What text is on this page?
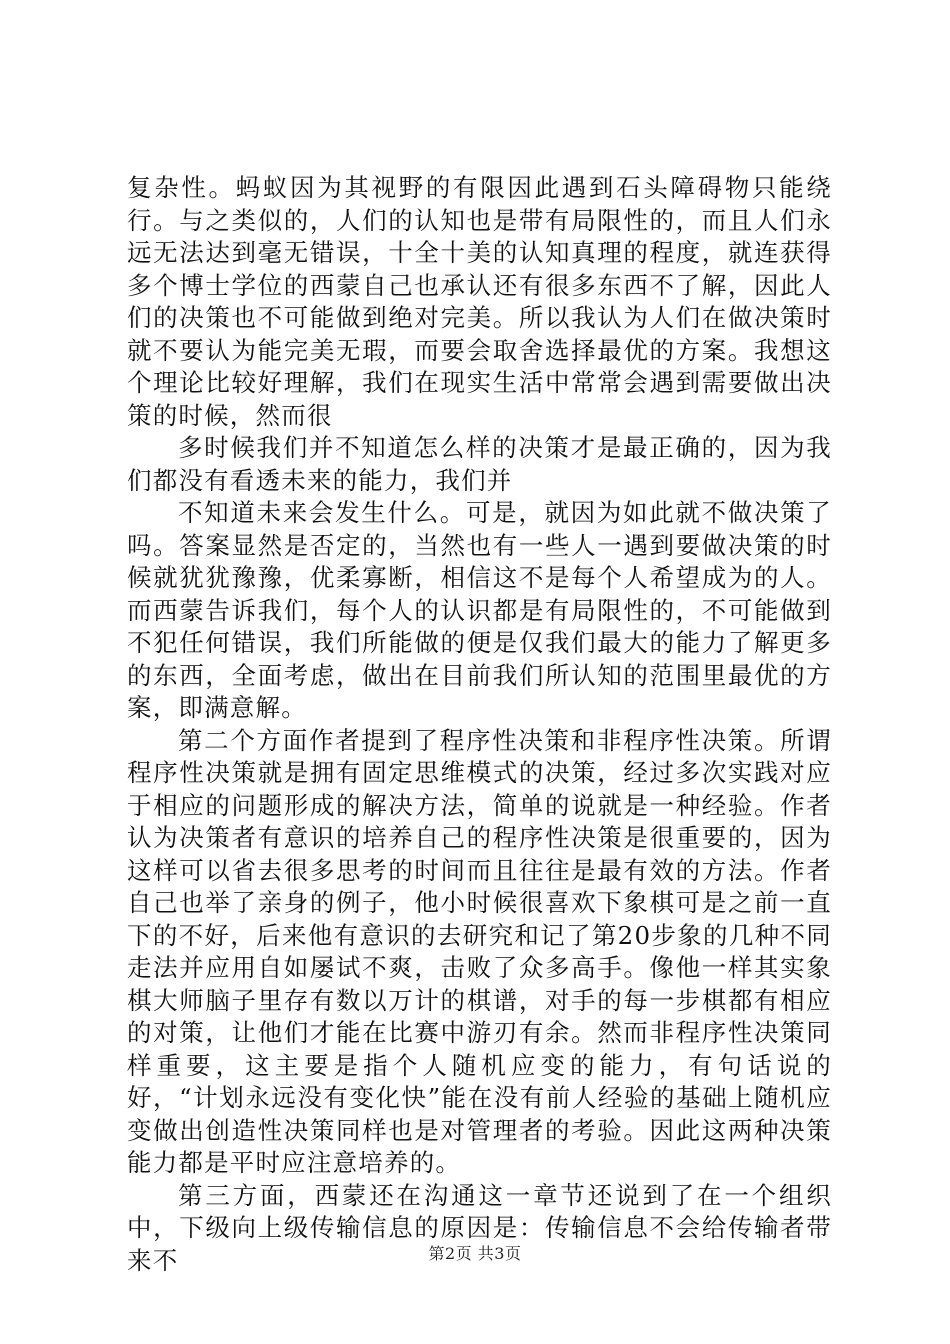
复杂性。蚂蚁因为其视野的有限因此遇到石头障碍物只能绕行。与之类似的，人们的认知也是带有局限性的，而且人们永远无法达到毫无错误，十全十美的认知真理的程度，就连获得多个博士学位的西蒙自己也承认还有很多东西不了解，因此人们的决策也不可能做到绝对完美。所以我认为人们在做决策时就不要认为能完美无瑕，而要会取舍选择最优的方案。我想这个理论比较好理解，我们在现实生活中常常会遇到需要做出决策的时候，然而很

多时候我们并不知道怎么样的决策才是最正确的，因为我们都没有看透未来的能力，我们并

不知道未来会发生什么。可是，就因为如此就不做决策了吗。答案显然是否定的，当然也有一些人一遇到要做决策的时候就犹犹豫豫，优柔寡断，相信这不是每个人希望成为的人。而西蒙告诉我们，每个人的认识都是有局限性的，不可能做到不犯任何错误，我们所能做的便是仅我们最大的能力了解更多的东西，全面考虑，做出在目前我们所认知的范围里最优的方案，即满意解。

第二个方面作者提到了程序性决策和非程序性决策。所谓程序性决策就是拥有固定思维模式的决策，经过多次实践对应于相应的问题形成的解决方法，简单的说就是一种经验。作者认为决策者有意识的培养自己的程序性决策是很重要的，因为这样可以省去很多思考的时间而且往往是最有效的方法。作者自己也举了亲身的例子，他小时候很喜欢下象棋可是之前一直下的不好，后来他有意识的去研究和记了第20步象的几种不同走法并应用自如屡试不爽，击败了众多高手。像他一样其实象棋大师脑子里存有数以万计的棋谱，对手的每一步棋都有相应的对策，让他们才能在比赛中游刃有余。然而非程序性决策同样重要，这主要是指个人随机应变的能力，有句话说的好，“计划永远没有变化快”能在没有前人经验的基础上随机应变做出创造性决策同样也是对管理者的考验。因此这两种决策能力都是平时应注意培养的。

第三方面，西蒙还在沟通这一章节还说到了在一个组织中，下级向上级传输信息的原因是：传输信息不会给传输者带来不	第2页 共3页
